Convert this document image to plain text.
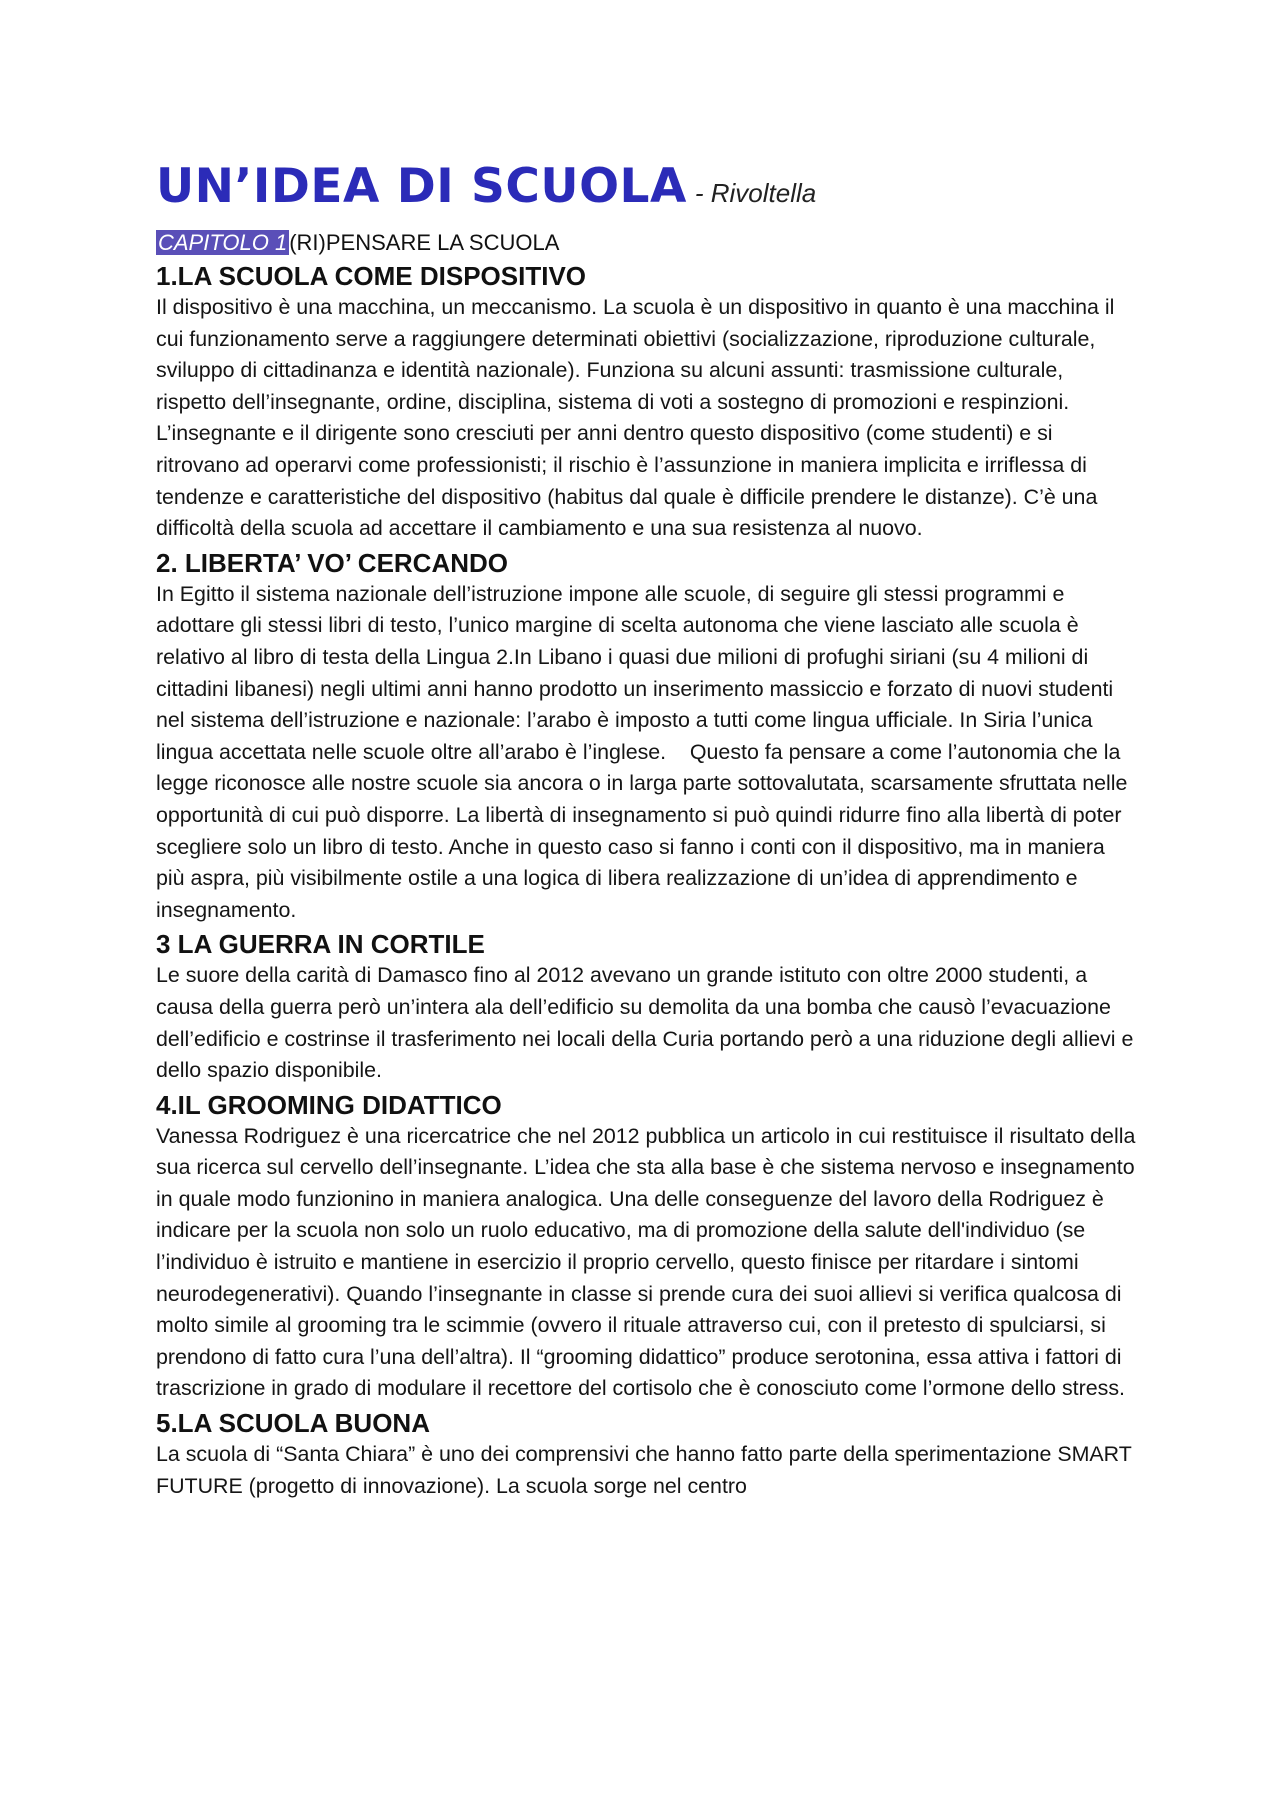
UN’IDEA DI SCUOLA - Rivoltella
CAPITOLO 1(RI)PENSARE LA SCUOLA
1.LA SCUOLA COME DISPOSITIVO

Il dispositivo è una macchina, un meccanismo. La scuola è un dispositivo in quanto è una macchina il cui funzionamento serve a raggiungere determinati obiettivi (socializzazione, riproduzione culturale, sviluppo di cittadinanza e identità nazionale). Funziona su alcuni assunti: trasmissione culturale, rispetto dell’insegnante, ordine, disciplina, sistema di voti a sostegno di promozioni e respinzioni. L’insegnante e il dirigente sono cresciuti per anni dentro questo dispositivo (come studenti) e si ritrovano ad operarvi come professionisti; il rischio è l’assunzione in maniera implicita e irriflessa di tendenze e caratteristiche del dispositivo (habitus dal quale è difficile prendere le distanze). C’è una difficoltà della scuola ad accettare il cambiamento e una sua resistenza al nuovo.

2. LIBERTA’ VO’ CERCANDO

In Egitto il sistema nazionale dell’istruzione impone alle scuole, di seguire gli stessi programmi e adottare gli stessi libri di testo, l’unico margine di scelta autonoma che viene lasciato alle scuola è relativo al libro di testa della Lingua 2.In Libano i quasi due milioni di profughi siriani (su 4 milioni di cittadini libanesi) negli ultimi anni hanno prodotto un inserimento massiccio e forzato di nuovi studenti nel sistema dell’istruzione e nazionale: l’arabo è imposto a tutti come lingua ufficiale. In Siria l’unica lingua accettata nelle scuole oltre all’arabo è l’inglese.    Questo fa pensare a come l’autonomia che la legge riconosce alle nostre scuole sia ancora o in larga parte sottovalutata, scarsamente sfruttata nelle opportunità di cui può disporre. La libertà di insegnamento si può quindi ridurre fino alla libertà di poter scegliere solo un libro di testo. Anche in questo caso si fanno i conti con il dispositivo, ma in maniera più aspra, più visibilmente ostile a una logica di libera realizzazione di un’idea di apprendimento e insegnamento.

3 LA GUERRA IN CORTILE

Le suore della carità di Damasco fino al 2012 avevano un grande istituto con oltre 2000 studenti, a causa della guerra però un’intera ala dell’edificio su demolita da una bomba che causò l’evacuazione dell’edificio e costrinse il trasferimento nei locali della Curia portando però a una riduzione degli allievi e dello spazio disponibile.

4.IL GROOMING DIDATTICO

Vanessa Rodriguez è una ricercatrice che nel 2012 pubblica un articolo in cui restituisce il risultato della sua ricerca sul cervello dell’insegnante. L’idea che sta alla base è che sistema nervoso e insegnamento in quale modo funzionino in maniera analogica. Una delle conseguenze del lavoro della Rodriguez è indicare per la scuola non solo un ruolo educativo, ma di promozione della salute dell'individuo (se l’individuo è istruito e mantiene in esercizio il proprio cervello, questo finisce per ritardare i sintomi neurodegenerativi). Quando l’insegnante in classe si prende cura dei suoi allievi si verifica qualcosa di molto simile al grooming tra le scimmie (ovvero il rituale attraverso cui, con il pretesto di spulciarsi, si prendono di fatto cura l’una dell’altra). Il “grooming didattico” produce serotonina, essa attiva i fattori di trascrizione in grado di modulare il recettore del cortisolo che è conosciuto come l’ormone dello stress.

5.LA SCUOLA BUONA

La scuola di “Santa Chiara” è uno dei comprensivi che hanno fatto parte della sperimentazione SMART FUTURE (progetto di innovazione). La scuola sorge nel centro
